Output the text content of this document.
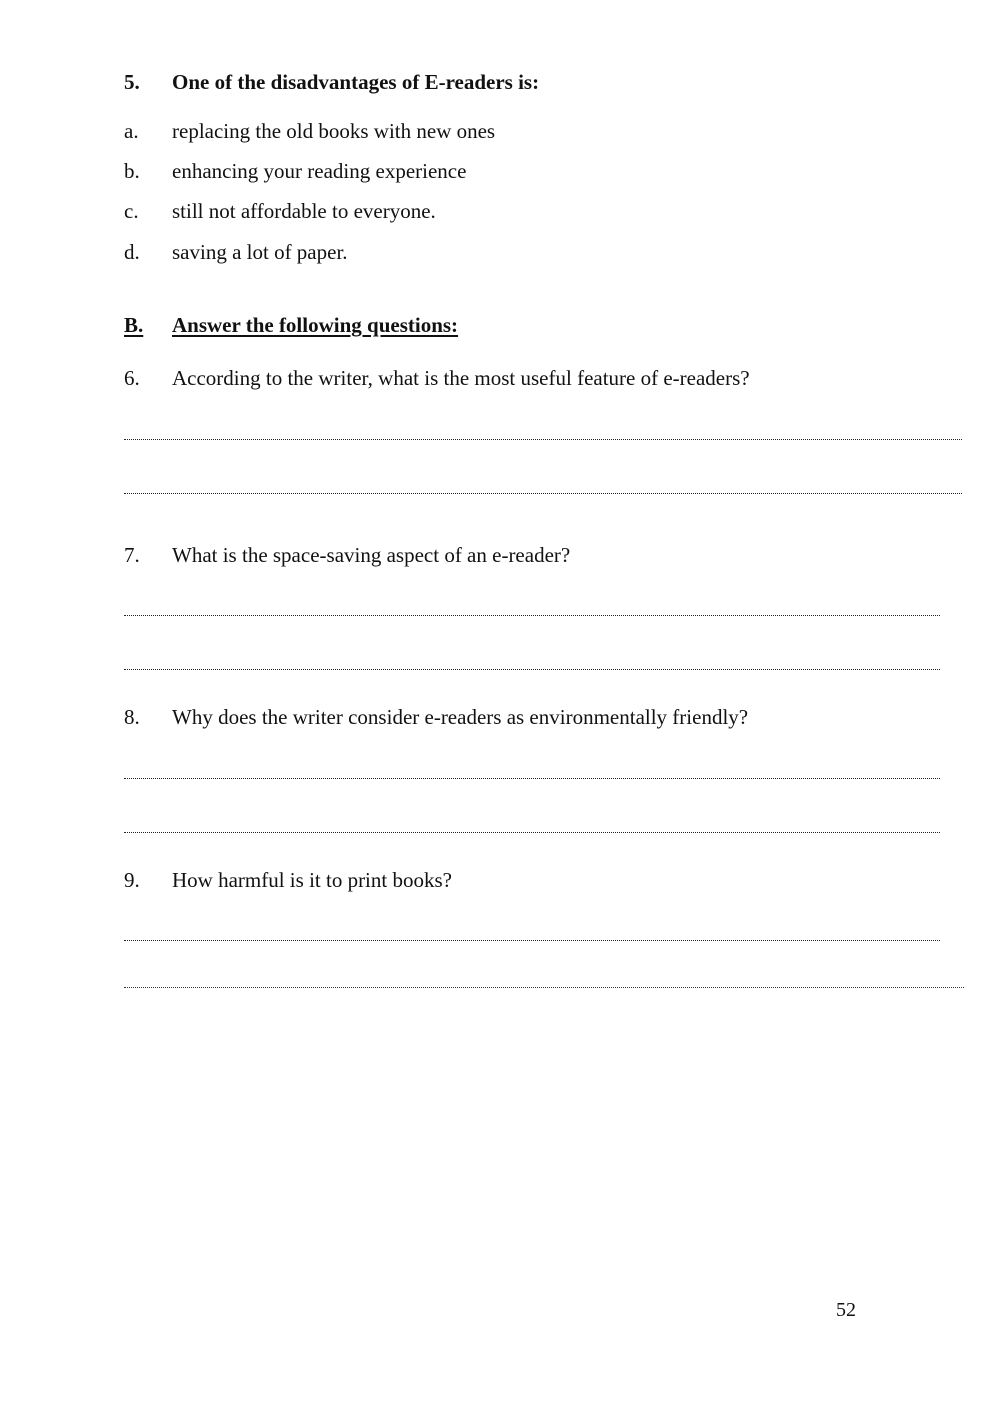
5. One of the disadvantages of E-readers is:
a. replacing the old books with new ones
b. enhancing your reading experience
c. still not affordable to everyone.
d. saving a lot of paper.
B. Answer the following questions:
6. According to the writer, what is the most useful feature of e-readers?
7. What is the space-saving aspect of an e-reader?
8. Why does the writer consider e-readers as environmentally friendly?
9. How harmful is it to print books?
52
